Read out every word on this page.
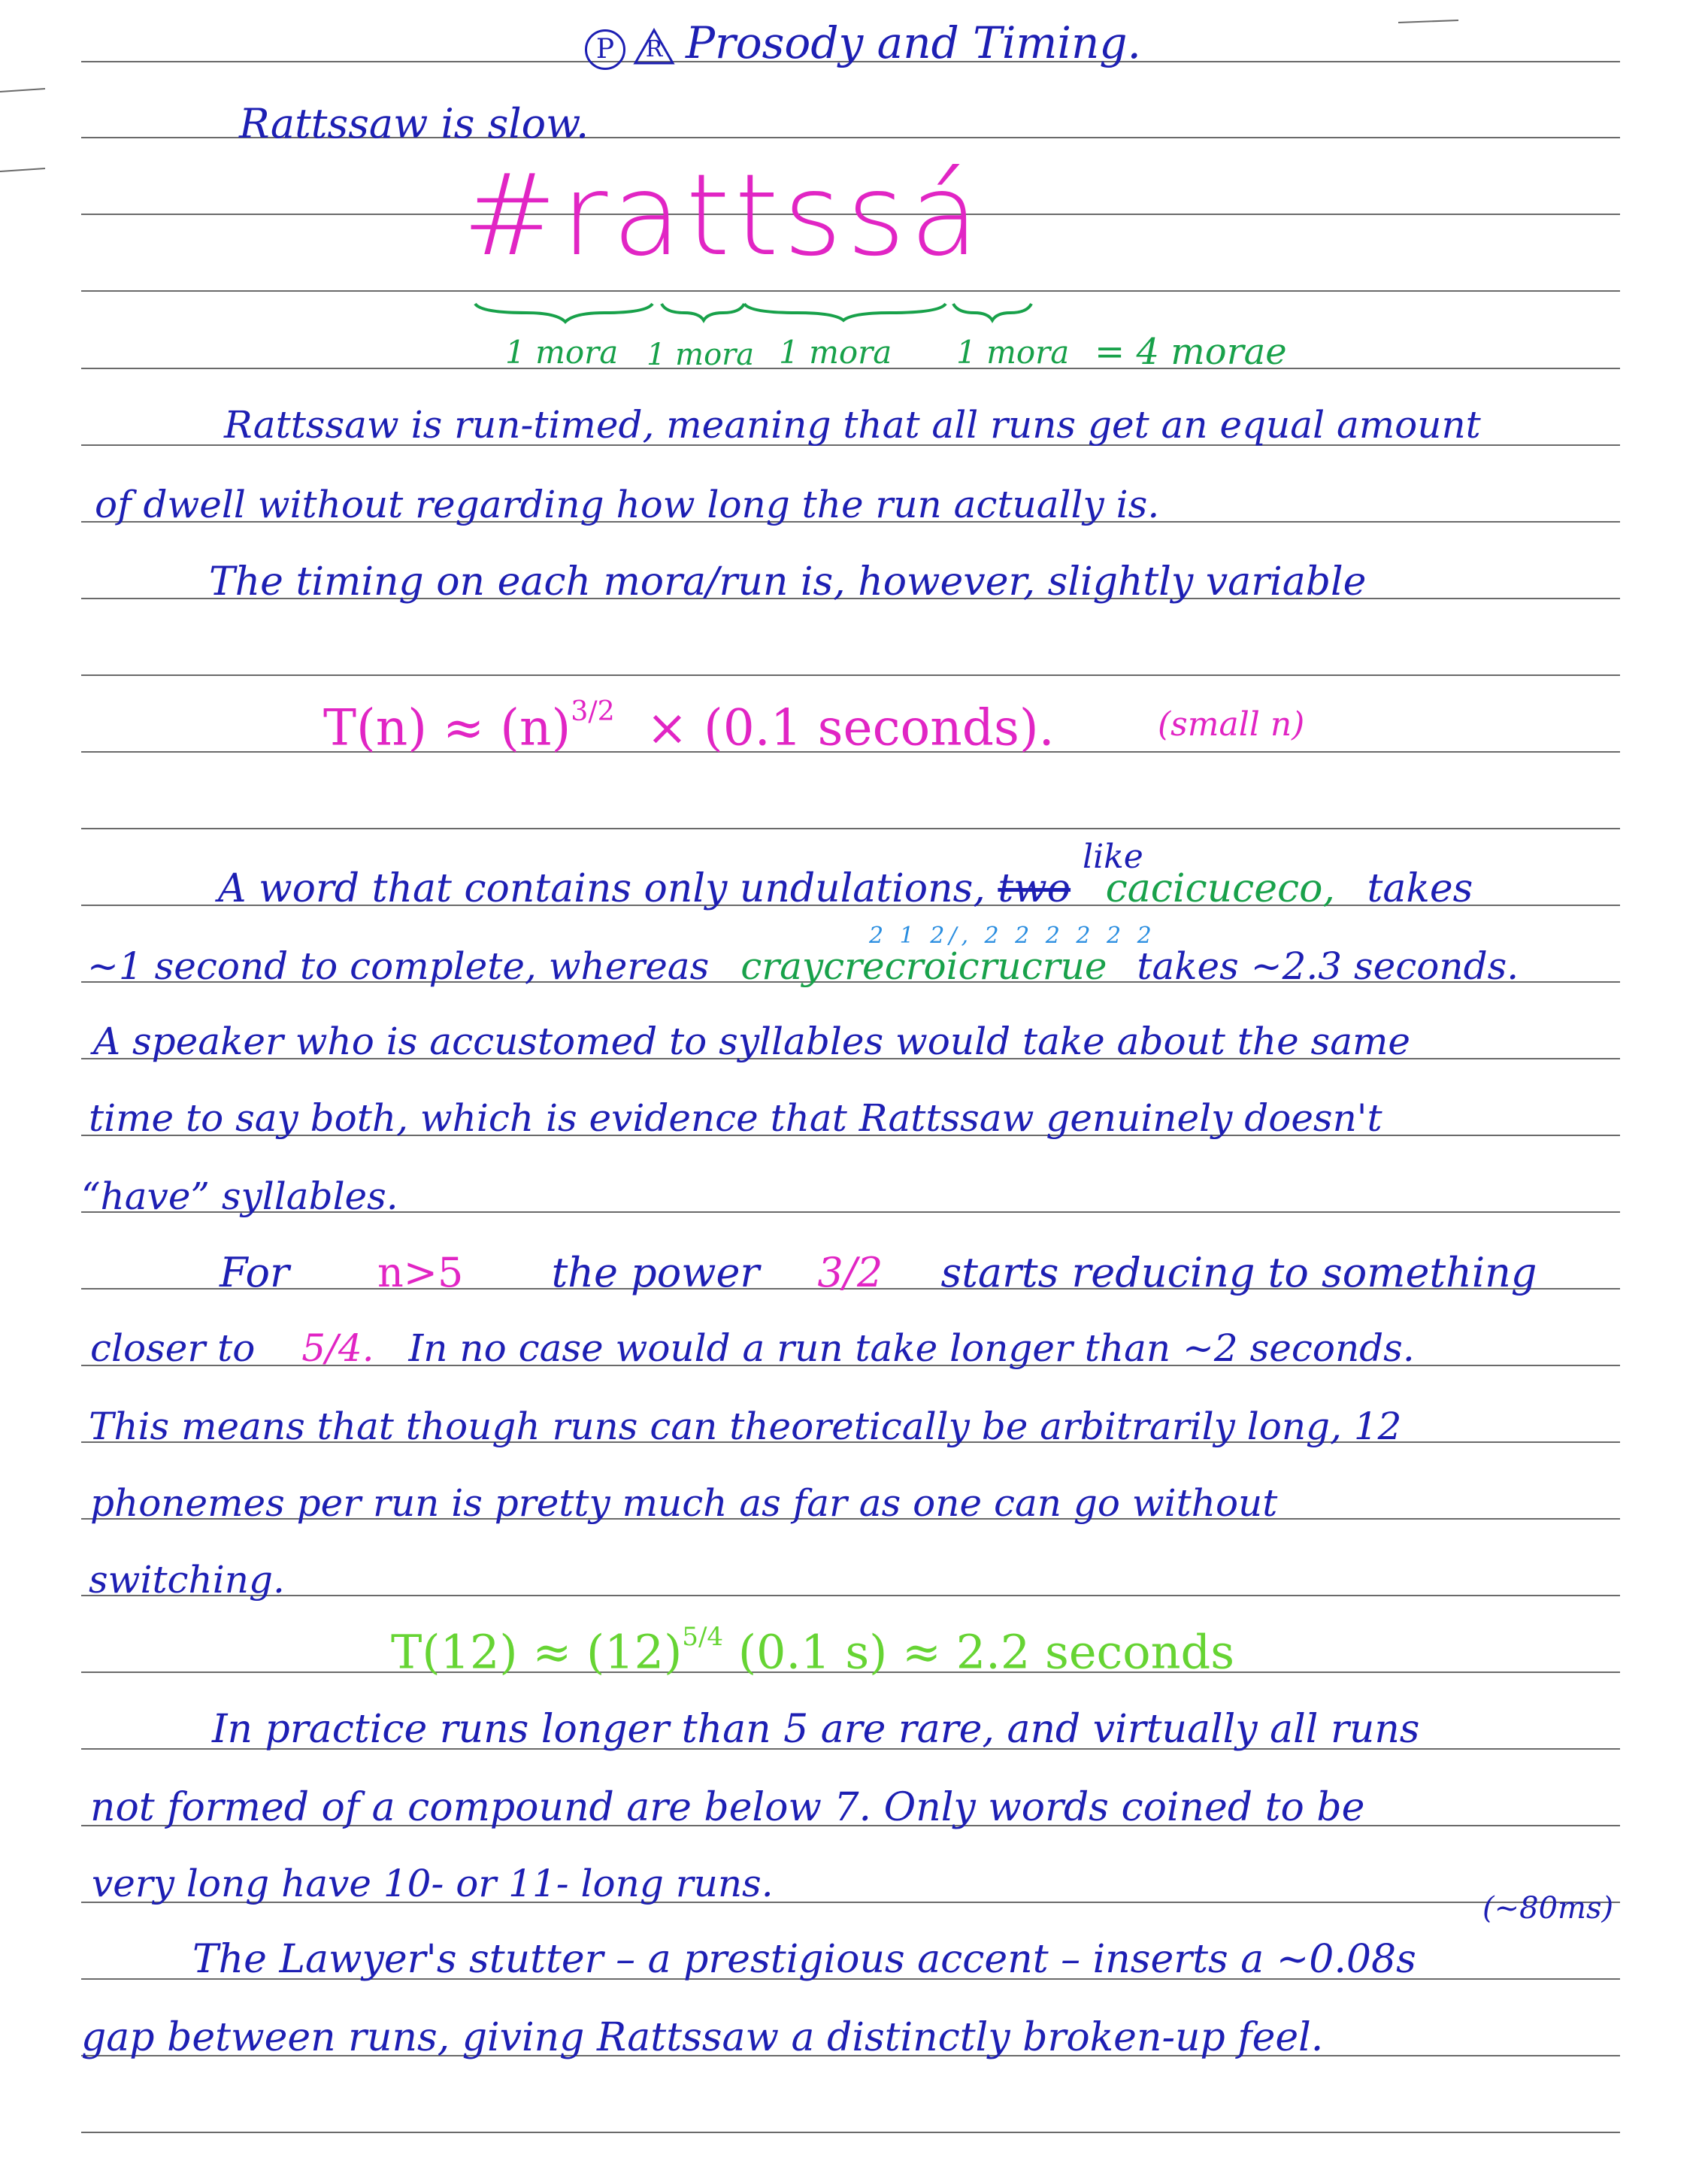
P	R Prosody and Timing.
Rattssaw is slow.
#rattssá
1 mora 1 mora 1 mora 1 mora = 4 morae
Rattssaw is run-timed, meaning that all runs get an equal amount
of dwell without regarding how long the run actually is.
The timing on each mora/run is, however, slightly variable
$T(n) \approx (n)^{3/2} \times (0.1$ seconds).	(small n)
like
A word that contains only undulations, two cacicuceco, takes
2 1 2/, 2 2 2 2 2 2
~1 second to complete, whereas craycrecroicrucrue takes ~2.3 seconds.
A speaker who is accustomed to syllables would take about the same
time to say both, which is evidence that Rattssaw genuinely doesn't
“have” syllables.
For n>5 the power 3/2 starts reducing to something
closer to 5/4. In no case would a run take longer than ~2 seconds.
This means that though runs can theoretically be arbitrarily long, 12
phonemes per run is pretty much as far as one can go without
switching.
$T(12) \approx (12)^{5/4}$ (0.1 s) ≈ 2.2 seconds
In practice runs longer than 5 are rare, and virtually all runs
not formed of a compound are below 7. Only words coined to be
very long have 10- or 11- long runs.
(~80ms)
The Lawyer's stutter – a prestigious accent – inserts a ~0.08s
gap between runs, giving Rattssaw a distinctly broken-up feel.
